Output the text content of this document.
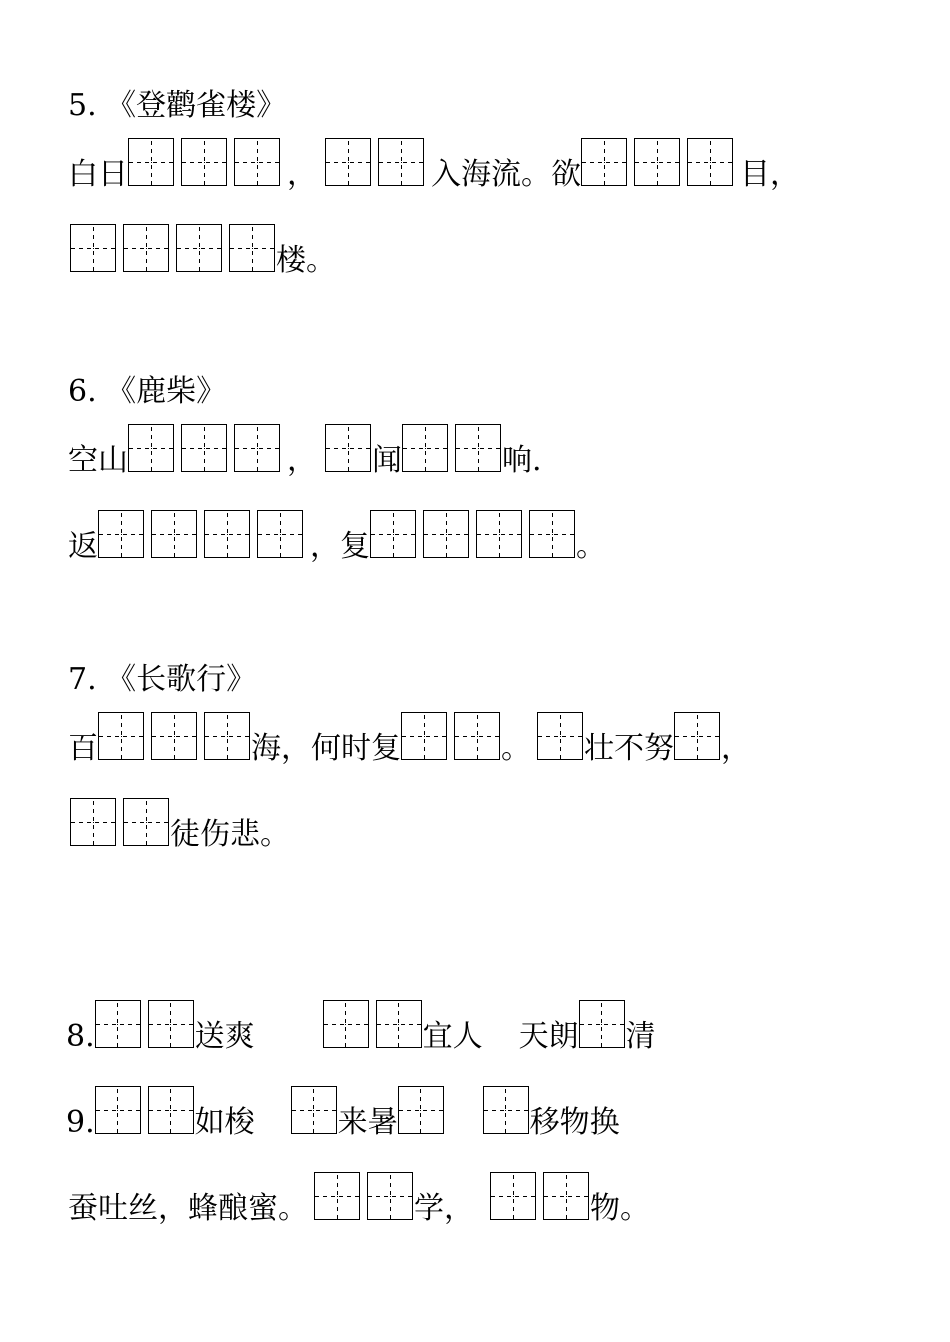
5. 《登鹳雀楼》
白日	，	入海流。欲	目，
楼。
6. 《鹿柴》
空山	， 闻	响.
返	，复	。
7. 《长歌行》
百	海，何时复	。 壮不努 ，
徒伤悲。
8.	送爽	宜人 天朗 清
9.	如梭	来暑	移物换
蚕吐丝，蜂酿蜜。	学，	物。
